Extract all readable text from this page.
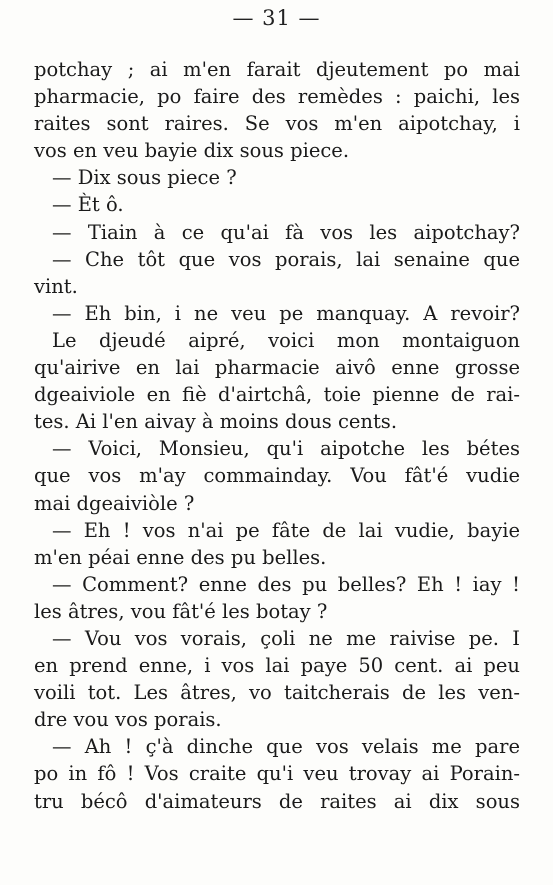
— 31 —
potchay ; ai m'en farait djeutement po mai
pharmacie, po faire des remèdes : paichi, les
raites sont raires. Se vos m'en aipotchay, i
vos en veu bayie dix sous piece.
— Dix sous piece ?
— Èt ô.
— Tiain à ce qu'ai fà vos les aipotchay?
— Che tôt que vos porais, lai senaine que
vint.
— Eh bin, i ne veu pe manquay. A revoir?
Le djeudé aipré, voici mon montaiguon
qu'airive en lai pharmacie aivô enne grosse
dgeaiviole en fiè d'airtchâ, toie pienne de rai-
tes. Ai l'en aivay à moins dous cents.
— Voici, Monsieu, qu'i aipotche les bétes
que vos m'ay commainday. Vou fât'é vudie
mai dgeaiviòle ?
— Eh ! vos n'ai pe fâte de lai vudie, bayie
m'en péai enne des pu belles.
— Comment? enne des pu belles? Eh ! iay !
les âtres, vou fât'é les botay ?
— Vou vos vorais, çoli ne me raivise pe. I
en prend enne, i vos lai paye 50 cent. ai peu
voili tot. Les âtres, vo taitcherais de les ven-
dre vou vos porais.
— Ah ! ç'à dinche que vos velais me pare
po in fô ! Vos craite qu'i veu trovay ai Porain-
tru bécô d'aimateurs de raites ai dix sous
